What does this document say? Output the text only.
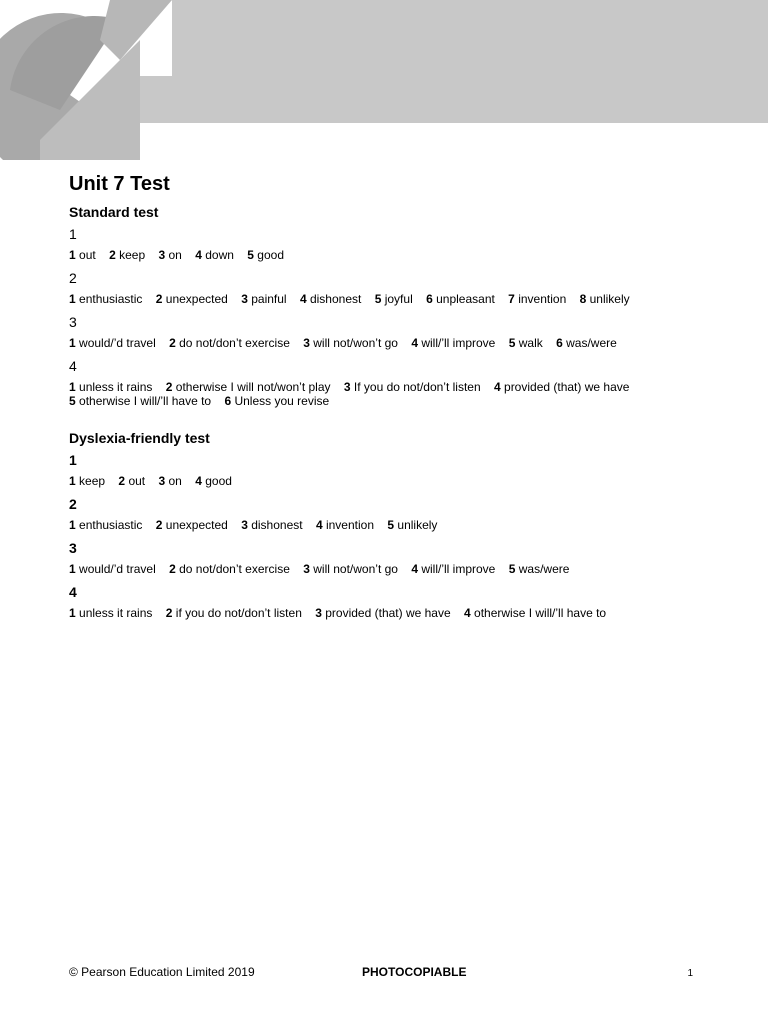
Unit 7 Test
Standard test
1
1 out 2 keep 3 on 4 down 5 good
2
1 enthusiastic 2 unexpected 3 painful 4 dishonest 5 joyful 6 unpleasant 7 invention 8 unlikely
3
1 would/’d travel 2 do not/don’t exercise 3 will not/won’t go 4 will/’ll improve 5 walk 6 was/were
4
1 unless it rains 2 otherwise I will not/won’t play 3 If you do not/don’t listen 4 provided (that) we have 5 otherwise I will/’ll have to 6 Unless you revise
Dyslexia-friendly test
1
1 keep 2 out 3 on 4 good
2
1 enthusiastic 2 unexpected 3 dishonest 4 invention 5 unlikely
3
1 would/’d travel 2 do not/don’t exercise 3 will not/won’t go 4 will/’ll improve 5 was/were
4
1 unless it rains 2 if you do not/don’t listen 3 provided (that) we have 4 otherwise I will/’ll have to
© Pearson Education Limited 2019	PHOTOCOPIABLE	1
